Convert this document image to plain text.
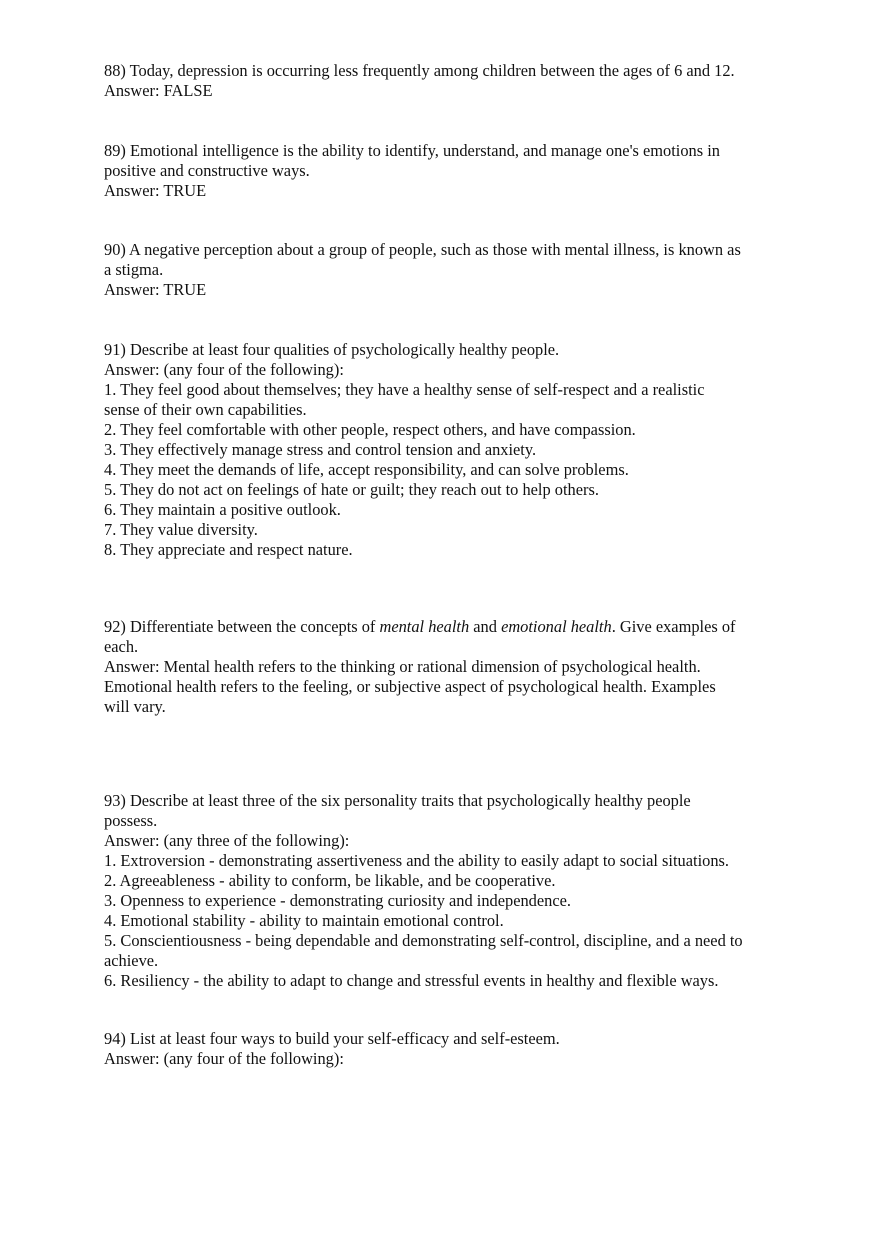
88) Today, depression is occurring less frequently among children between the ages of 6 and 12.
Answer: FALSE
89) Emotional intelligence is the ability to identify, understand, and manage one's emotions in
positive and constructive ways.
Answer: TRUE
90) A negative perception about a group of people, such as those with mental illness, is known as
a stigma.
Answer: TRUE
91) Describe at least four qualities of psychologically healthy people.
Answer: (any four of the following):
1. They feel good about themselves; they have a healthy sense of self-respect and a realistic
sense of their own capabilities.
2. They feel comfortable with other people, respect others, and have compassion.
3. They effectively manage stress and control tension and anxiety.
4. They meet the demands of life, accept responsibility, and can solve problems.
5. They do not act on feelings of hate or guilt; they reach out to help others.
6. They maintain a positive outlook.
7. They value diversity.
8. They appreciate and respect nature.
92) Differentiate between the concepts of mental health and emotional health. Give examples of
each.
Answer: Mental health refers to the thinking or rational dimension of psychological health.
Emotional health refers to the feeling, or subjective aspect of psychological health. Examples
will vary.
93) Describe at least three of the six personality traits that psychologically healthy people
possess.
Answer: (any three of the following):
1. Extroversion - demonstrating assertiveness and the ability to easily adapt to social situations.
2. Agreeableness - ability to conform, be likable, and be cooperative.
3. Openness to experience - demonstrating curiosity and independence.
4. Emotional stability - ability to maintain emotional control.
5. Conscientiousness - being dependable and demonstrating self-control, discipline, and a need to
achieve.
6. Resiliency - the ability to adapt to change and stressful events in healthy and flexible ways.
94) List at least four ways to build your self-efficacy and self-esteem.
Answer: (any four of the following):
